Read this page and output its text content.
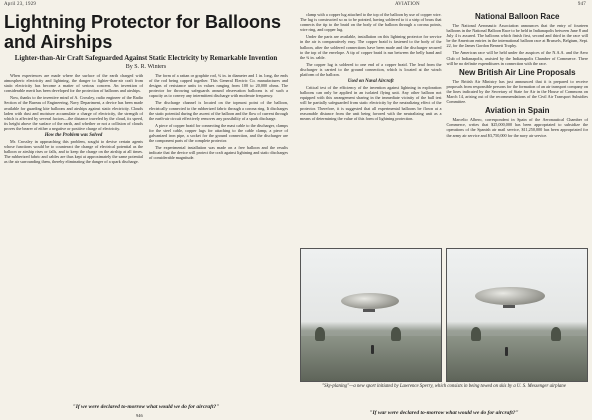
April 23, 1929	AVIATION	947
Lightning Protector for Balloons and Airships
Lighter-than-Air Craft Safeguarded Against Static Electricity by Remarkable Invention
By S. R. Winters

When experiences are made where the surface of the earth charged with atmospheric electricity and lightning, the danger to lighter-than-air craft from static electricity has become a matter of serious concern. An invention of considerable merit has been developed for the protection of balloons and airships.

Now, thanks to the inventive mind of A. Crossley, radio engineer of the Radio Section of the Bureau of Engineering, Navy Department, a device has been made available for guarding kite balloons and airships against static electricity. Clouds laden with dust and moisture accumulate a charge of electricity, the strength of which is affected by several factors—the distance traveled by the cloud, its speed, its height above the surface of the earth, and whether or not a collision of clouds proves the bearer of either a negative or positive charge of electricity.

How the Problem was Solved

Mr. Crossley in approaching this problem, sought to devise certain agents whose functions would be to counteract the change of electrical potential as the balloon or airship rises or falls, and to keep the charge on the airship at all times. The rubberized fabric and cables are thus kept at approximately the same potential as the air surrounding them, thereby eliminating the danger of a spark discharge.

The form of a rattan or graphite rod, ¾ in. in diameter and 1 in. long, the ends of the rod being capped together. This General Electric Co. manufactures and designs of resistance units in values ranging from 100 to 20,000 ohms. The protector for throwing safeguards around observation balloons is of such a capacity as to convey any intermittent discharge with moderate frequency.

The discharge channel is located on the topmost point of the balloon, electrically connected to the rubberized fabric through a corona ring. It discharges the static potential during the ascent of the balloon and the flow of current through the earth-air circuit effectively removes any possibility of a spark discharge.

A piece of copper braid for connecting the mast cable to the discharger, clamps for the steel cable, copper lugs for attaching to the cable clamp, a piece of galvanized iron pipe, a socket for the ground connection, and the discharger are the component parts of the complete protector.

The experimental installation was made on a free balloon and the results indicate that the device will protect the craft against lightning and static discharges of considerable magnitude.

"If we were declared to-morrow what would we do for aircraft?"
946

clamp with a copper lug attached to the top of the balloon by use of copper wire. The lug is constructed so as to be pointed, having soldered to it a strip of brass that connects the tip to the braid on the body of the balloon through a corona points, wire ring, and copper lug.

Under the parts are available, installation on this lightning protector for service in the air is comparatively easy. The copper braid is fastened to the body of the balloon, after the soldered connections have been made and the discharger secured to the top of the envelope. A tip of copper braid is run between the belly band and the ¾ in. cable.

The copper lug is soldered to one end of a copper braid. The lead from the discharger is carried to the ground connection, which is located at the winch platform of the balloon.

Used on Naval Aircraft

Critical test of the efficiency of the invention against lightning in exploration balloons can only be applied in an isolated flying unit. Any other balloon not equipped with this arrangement sharing in the immediate vicinity of the ball test will be partially safeguarded from static electricity by the neutralizing effect of the protector. Therefore, it is suggested that all experimental balloons be flown at a reasonable distance from the unit being favored with the neutralizing unit as a means of determining the value of this form of lightning protection.

National Balloon Race

The National Aeronautic Association announces that the entry of fourteen balloons in the National Balloon Race to be held in Indianapolis between June 8 and July 4 is assured. The balloons which finish first, second and third in the race will be the American entries in the international balloon race at Brussels, Belgium, Sept. 22, for the James Gordon Bennett Trophy.

The American race will be held under the auspices of the N.A.A. and the Aero Club of Indianapolis, assisted by the Indianapolis Chamber of Commerce. There will be no definite expenditures in connection with the race.

New British Air Line Proposals

The British Air Ministry has just announced that it is prepared to receive proposals from responsible persons for the formation of an air transport company on the lines indicated by the Secretary of State for Air in the House of Commons on March 14, arising out of the recommendations of the Civil Air Transport Subsidies Committee.

Aviation in Spain

Marcelio Albero, correspondent in Spain of the Aeronautical Chamber of Commerce, writes that $25,000,000 has been appropriated to subsidize the operations of the Spanish air mail service, $11,250,000 has been appropriated for the army air service and $3,750,000 for the navy air service.

"Sky-planing"—a new sport initiated by Lawrence Sperry, which consists in being towed on skis by a U. S. Messenger airplane
"If war were declared to-morrow what would we do for aircraft?"
